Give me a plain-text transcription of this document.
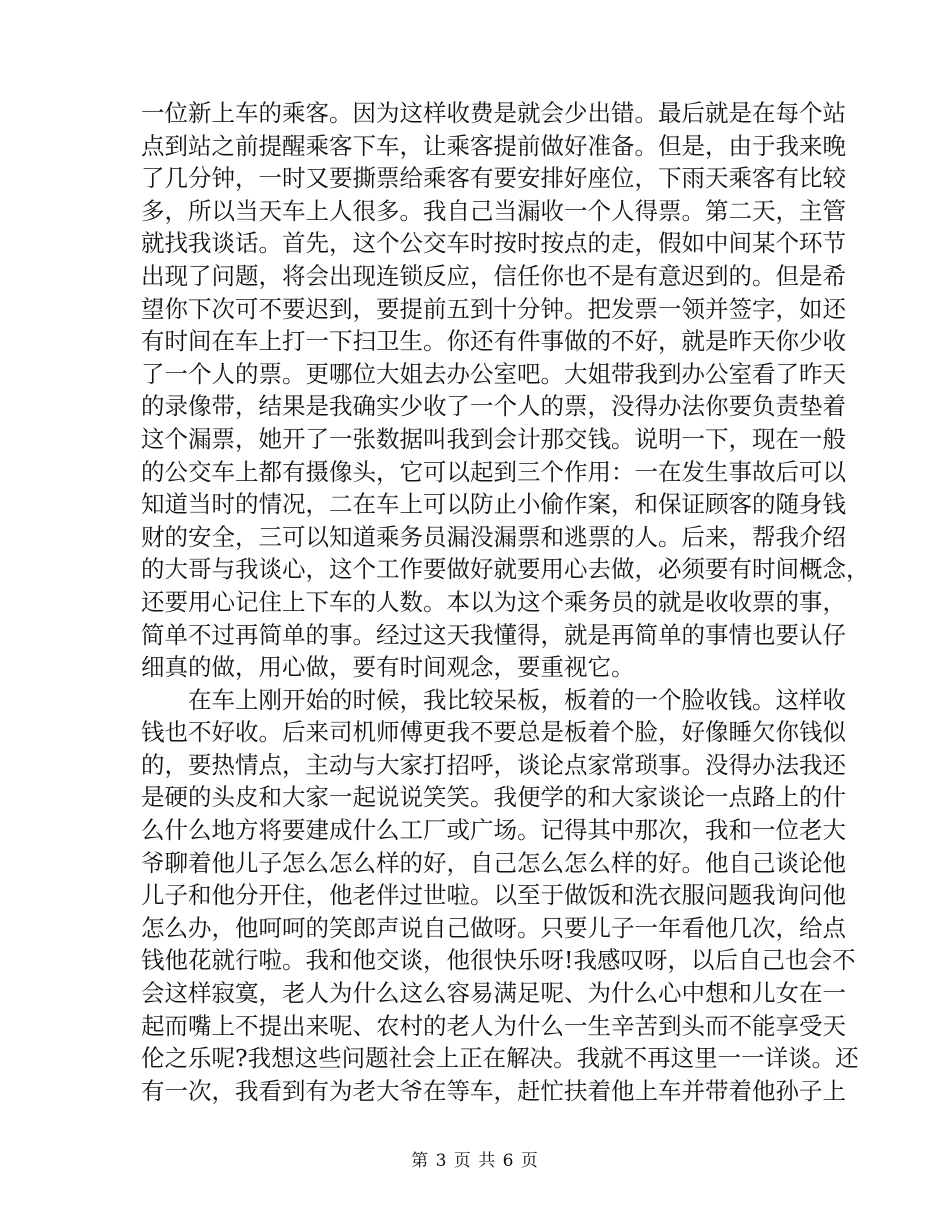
一位新上车的乘客。因为这样收费是就会少出错。最后就是在每个站
点到站之前提醒乘客下车，让乘客提前做好准备。但是，由于我来晚
了几分钟，一时又要撕票给乘客有要安排好座位，下雨天乘客有比较
多，所以当天车上人很多。我自己当漏收一个人得票。第二天，主管
就找我谈话。首先，这个公交车时按时按点的走，假如中间某个环节
出现了问题，将会出现连锁反应，信任你也不是有意迟到的。但是希
望你下次可不要迟到，要提前五到十分钟。把发票一领并签字，如还
有时间在车上打一下扫卫生。你还有件事做的不好，就是昨天你少收
了一个人的票。更哪位大姐去办公室吧。大姐带我到办公室看了昨天
的录像带，结果是我确实少收了一个人的票，没得办法你要负责垫着
这个漏票，她开了一张数据叫我到会计那交钱。说明一下，现在一般
的公交车上都有摄像头，它可以起到三个作用：一在发生事故后可以
知道当时的情况，二在车上可以防止小偷作案，和保证顾客的随身钱
财的安全，三可以知道乘务员漏没漏票和逃票的人。后来，帮我介绍
的大哥与我谈心，这个工作要做好就要用心去做，必须要有时间概念，
还要用心记住上下车的人数。本以为这个乘务员的就是收收票的事，
简单不过再简单的事。经过这天我懂得，就是再简单的事情也要认仔
细真的做，用心做，要有时间观念，要重视它。
在车上刚开始的时候，我比较呆板，板着的一个脸收钱。这样收
钱也不好收。后来司机师傅更我不要总是板着个脸，好像睡欠你钱似
的，要热情点，主动与大家打招呼，谈论点家常琐事。没得办法我还
是硬的头皮和大家一起说说笑笑。我便学的和大家谈论一点路上的什
么什么地方将要建成什么工厂或广场。记得其中那次，我和一位老大
爷聊着他儿子怎么怎么样的好，自己怎么怎么样的好。他自己谈论他
儿子和他分开住，他老伴过世啦。以至于做饭和洗衣服问题我询问他
怎么办，他呵呵的笑郎声说自己做呀。只要儿子一年看他几次，给点
钱他花就行啦。我和他交谈，他很快乐呀!我感叹呀，以后自己也会不
会这样寂寞，老人为什么这么容易满足呢、为什么心中想和儿女在一
起而嘴上不提出来呢、农村的老人为什么一生辛苦到头而不能享受天
伦之乐呢?我想这些问题社会上正在解决。我就不再这里一一详谈。还
有一次，我看到有为老大爷在等车，赶忙扶着他上车并带着他孙子上
第 3 页 共 6 页
